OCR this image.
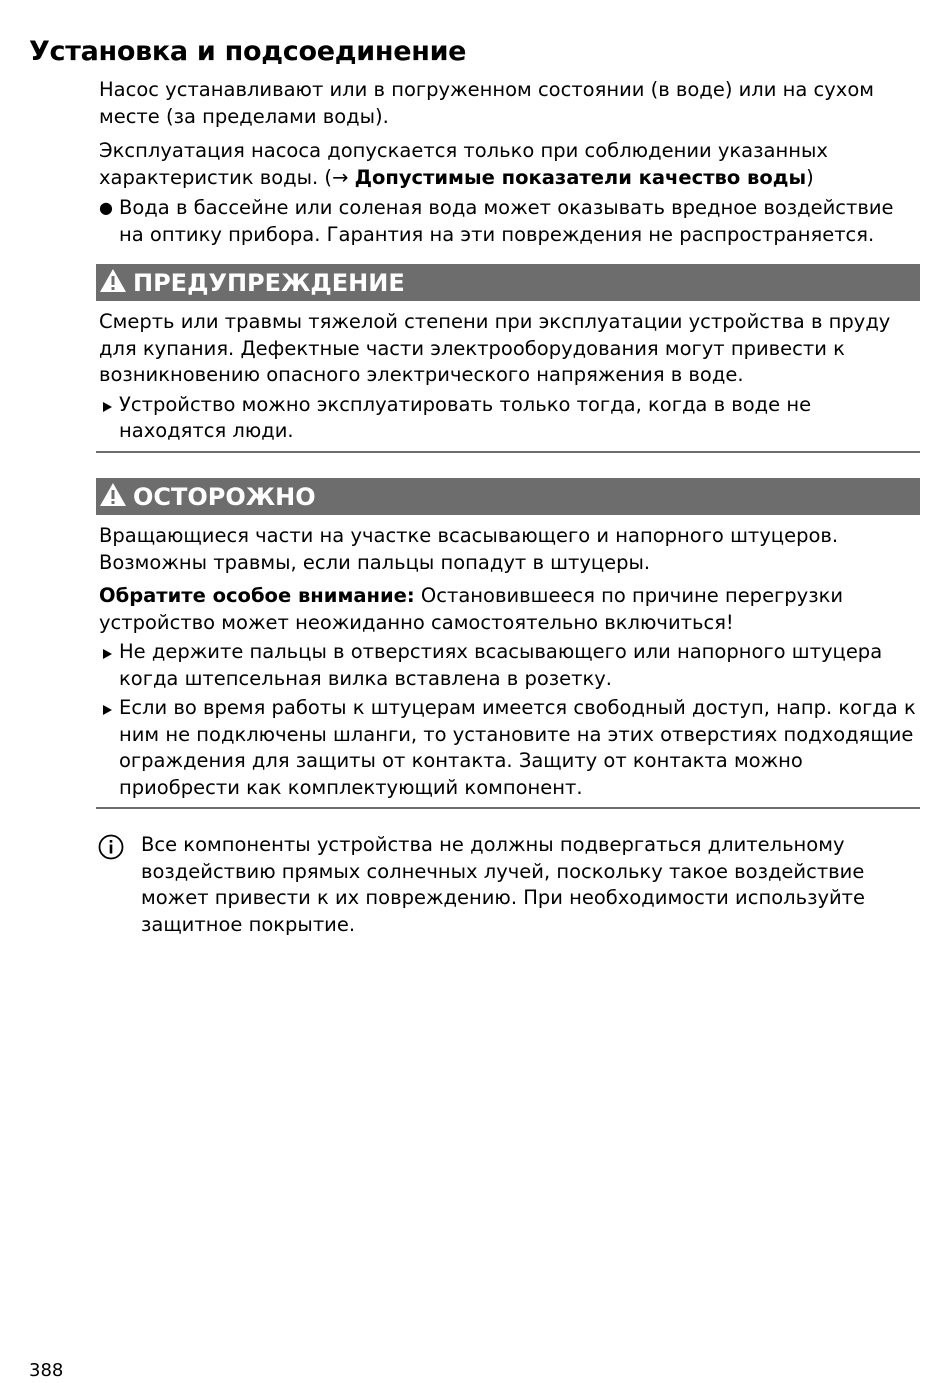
Установка и подсоединение

Насос устанавливают или в погруженном состоянии (в воде) или на сухом месте (за пределами воды).

Эксплуатация насоса допускается только при соблюдении указанных характеристик воды. (→ Допустимые показатели качество воды)

● Вода в бассейне или соленая вода может оказывать вредное воздействие на оптику прибора. Гарантия на эти повреждения не распространяется.
ПРЕДУПРЕЖДЕНИЕ

Смерть или травмы тяжелой степени при эксплуатации устройства в пруду для купания. Дефектные части электрооборудования могут привести к возникновению опасного электрического напряжения в воде.

Устройство можно эксплуатировать только тогда, когда в воде не находятся люди.
ОСТОРОЖНО

Вращающиеся части на участке всасывающего и напорного штуцеров. Возможны травмы, если пальцы попадут в штуцеры.

Обратите особое внимание: Остановившееся по причине перегрузки устройство может неожиданно самостоятельно включиться!

Не держите пальцы в отверстиях всасывающего или напорного штуцера когда штепсельная вилка вставлена в розетку.
Если во время работы к штуцерам имеется свободный доступ, напр. когда к ним не подключены шланги, то установите на этих отверстиях подходящие ограждения для защиты от контакта. Защиту от контакта можно приобрести как комплектующий компонент.

Все компоненты устройства не должны подвергаться длительному воздействию прямых солнечных лучей, поскольку такое воздействие может привести к их повреждению. При необходимости используйте защитное покрытие.

388
